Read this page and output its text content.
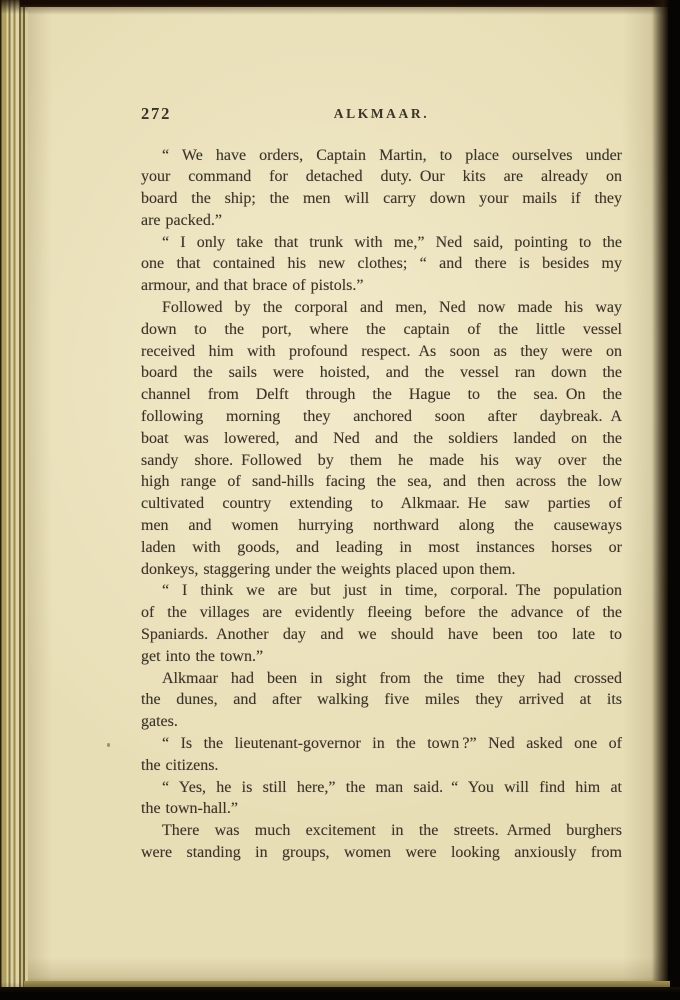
272	ALKMAAR.
“ We have orders, Captain Martin, to place ourselves under
your command for detached duty. Our kits are already on
board the ship; the men will carry down your mails if they
are packed.”
“ I only take that trunk with me,” Ned said, pointing to the
one that contained his new clothes; “ and there is besides my
armour, and that brace of pistols.”
Followed by the corporal and men, Ned now made his way
down to the port, where the captain of the little vessel
received him with profound respect. As soon as they were on
board the sails were hoisted, and the vessel ran down the
channel from Delft through the Hague to the sea. On the
following morning they anchored soon after daybreak. A
boat was lowered, and Ned and the soldiers landed on the
sandy shore. Followed by them he made his way over the
high range of sand-hills facing the sea, and then across the low
cultivated country extending to Alkmaar. He saw parties of
men and women hurrying northward along the causeways
laden with goods, and leading in most instances horses or
donkeys, staggering under the weights placed upon them.
“ I think we are but just in time, corporal. The population
of the villages are evidently fleeing before the advance of the
Spaniards. Another day and we should have been too late to
get into the town.”
Alkmaar had been in sight from the time they had crossed
the dunes, and after walking five miles they arrived at its
gates.
“ Is the lieutenant-governor in the town ?” Ned asked one of
the citizens.
“ Yes, he is still here,” the man said. “ You will find him at
the town-hall.”
There was much excitement in the streets. Armed burghers
were standing in groups, women were looking anxiously from
